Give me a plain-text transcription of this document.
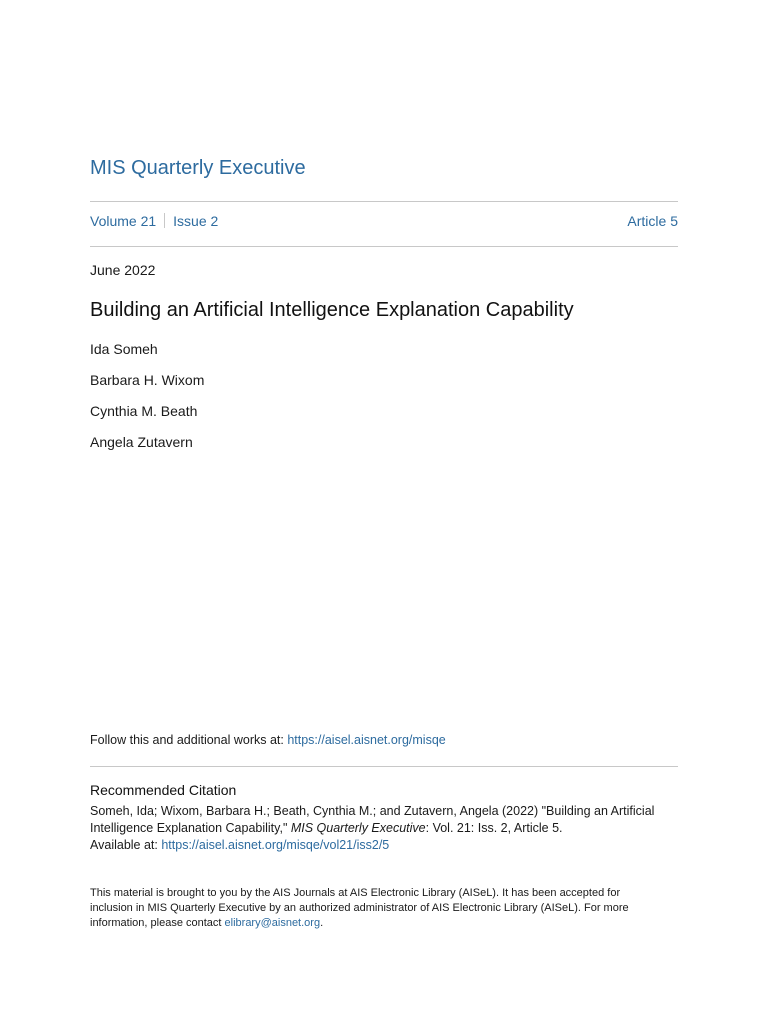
MIS Quarterly Executive
Volume 21 Issue 2	Article 5
June 2022
Building an Artificial Intelligence Explanation Capability
Ida Someh
Barbara H. Wixom
Cynthia M. Beath
Angela Zutavern
Follow this and additional works at: https://aisel.aisnet.org/misqe
Recommended Citation
Someh, Ida; Wixom, Barbara H.; Beath, Cynthia M.; and Zutavern, Angela (2022) "Building an Artificial Intelligence Explanation Capability," MIS Quarterly Executive: Vol. 21: Iss. 2, Article 5.
Available at: https://aisel.aisnet.org/misqe/vol21/iss2/5
This material is brought to you by the AIS Journals at AIS Electronic Library (AISeL). It has been accepted for inclusion in MIS Quarterly Executive by an authorized administrator of AIS Electronic Library (AISeL). For more information, please contact elibrary@aisnet.org.
